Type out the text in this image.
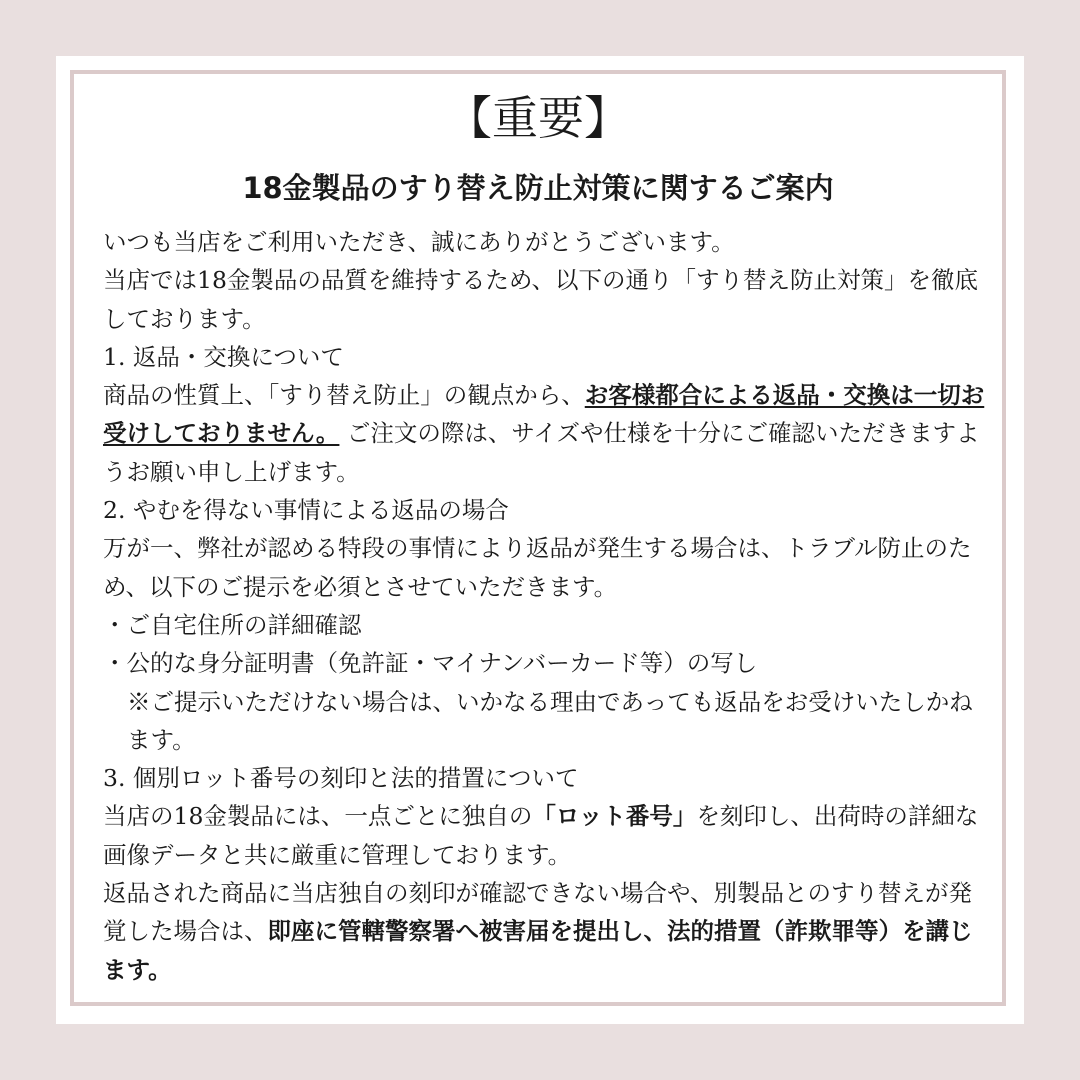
【重要】
18金製品のすり替え防止対策に関するご案内

いつも当店をご利用いただき、誠にありがとうございます。

当店では18金製品の品質を維持するため、以下の通り「すり替え防止対策」を徹底しております。

1. 返品・交換について

商品の性質上、「すり替え防止」の観点から、お客様都合による返品・交換は一切お受けしておりません。 ご注文の際は、サイズや仕様を十分にご確認いただきますようお願い申し上げます。

2. やむを得ない事情による返品の場合

万が一、弊社が認める特段の事情により返品が発生する場合は、トラブル防止のため、以下のご提示を必須とさせていただきます。

・ご自宅住所の詳細確認

・公的な身分証明書（免許証・マイナンバーカード等）の写し

※ご提示いただけない場合は、いかなる理由であっても返品をお受けいたしかねます。

3. 個別ロット番号の刻印と法的措置について

当店の18金製品には、一点ごとに独自の「ロット番号」を刻印し、出荷時の詳細な画像データと共に厳重に管理しております。

返品された商品に当店独自の刻印が確認できない場合や、別製品とのすり替えが発覚した場合は、即座に管轄警察署へ被害届を提出し、法的措置（詐欺罪等）を講じます。
